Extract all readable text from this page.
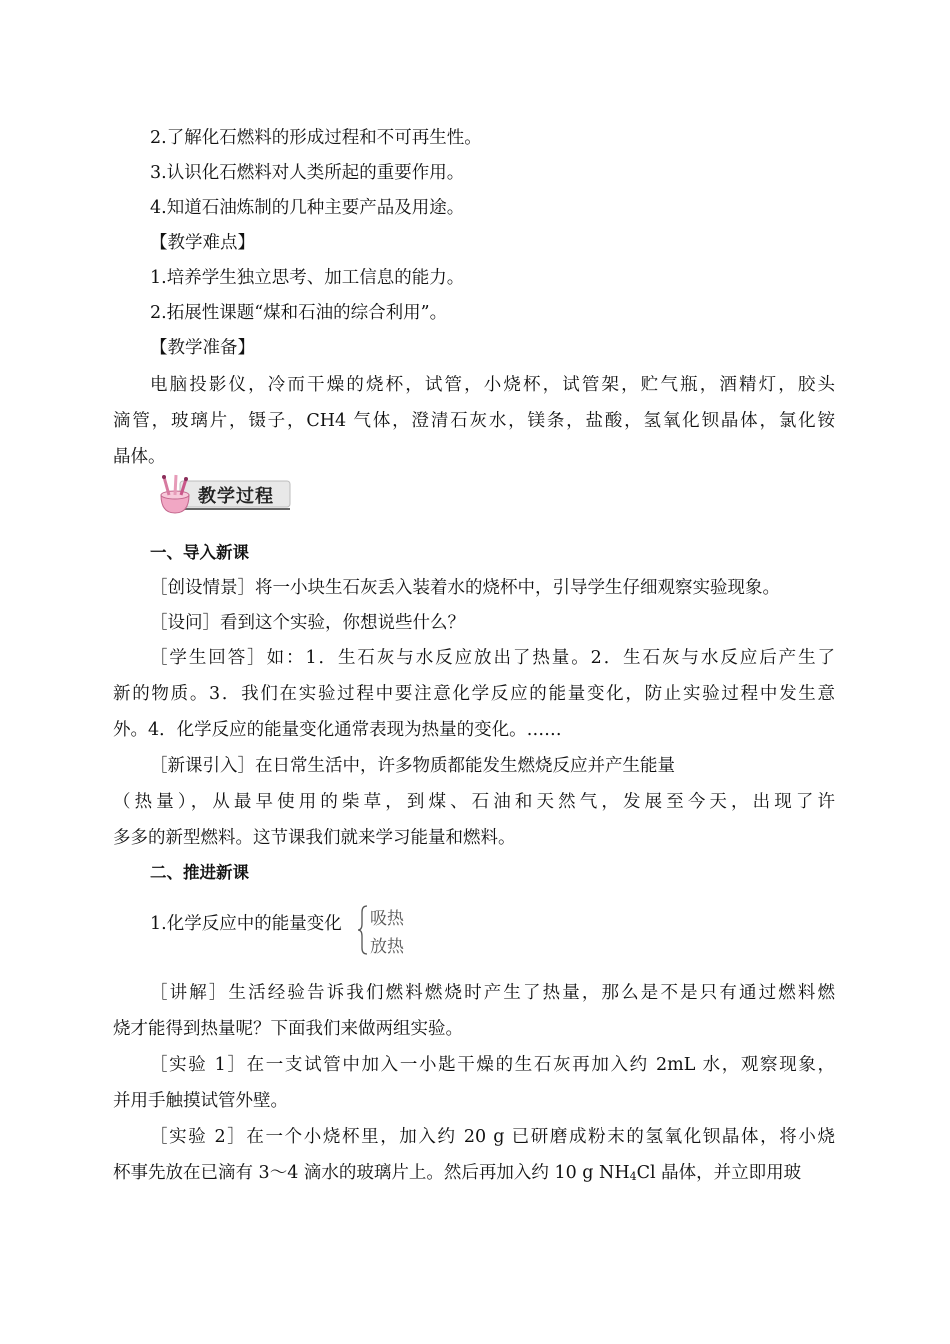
2.了解化石燃料的形成过程和不可再生性。
3.认识化石燃料对人类所起的重要作用。
4.知道石油炼制的几种主要产品及用途。
【教学难点】
1.培养学生独立思考、加工信息的能力。
2.拓展性课题“煤和石油的综合利用”。
【教学准备】
电脑投影仪，冷而干燥的烧杯，试管，小烧杯，试管架，贮气瓶，酒精灯，胶头
滴管，玻璃片，镊子，CH4 气体，澄清石灰水，镁条，盐酸，氢氧化钡晶体，氯化铵
晶体。
教学过程
一、导入新课
［创设情景］将一小块生石灰丢入装着水的烧杯中，引导学生仔细观察实验现象。
［设问］看到这个实验，你想说些什么？
［学生回答］如：1．生石灰与水反应放出了热量。2．生石灰与水反应后产生了
新的物质。3．我们在实验过程中要注意化学反应的能量变化，防止实验过程中发生意
外。4．化学反应的能量变化通常表现为热量的变化。……
［新课引入］在日常生活中，许多物质都能发生燃烧反应并产生能量
（热量），从最早使用的柴草，到煤、石油和天然气，发展至今天，出现了许
多多的新型燃料。这节课我们就来学习能量和燃料。
二、推进新课
1.化学反应中的能量变化	吸热
放热
［讲解］生活经验告诉我们燃料燃烧时产生了热量，那么是不是只有通过燃料燃
烧才能得到热量呢？下面我们来做两组实验。
［实验 1］在一支试管中加入一小匙干燥的生石灰再加入约 2mL 水，观察现象，
并用手触摸试管外壁。
［实验 2］在一个小烧杯里，加入约 20 g 已研磨成粉末的氢氧化钡晶体，将小烧
杯事先放在已滴有 3～4 滴水的玻璃片上。然后再加入约 10 g $NH_4Cl$ 晶体，并立即用玻
